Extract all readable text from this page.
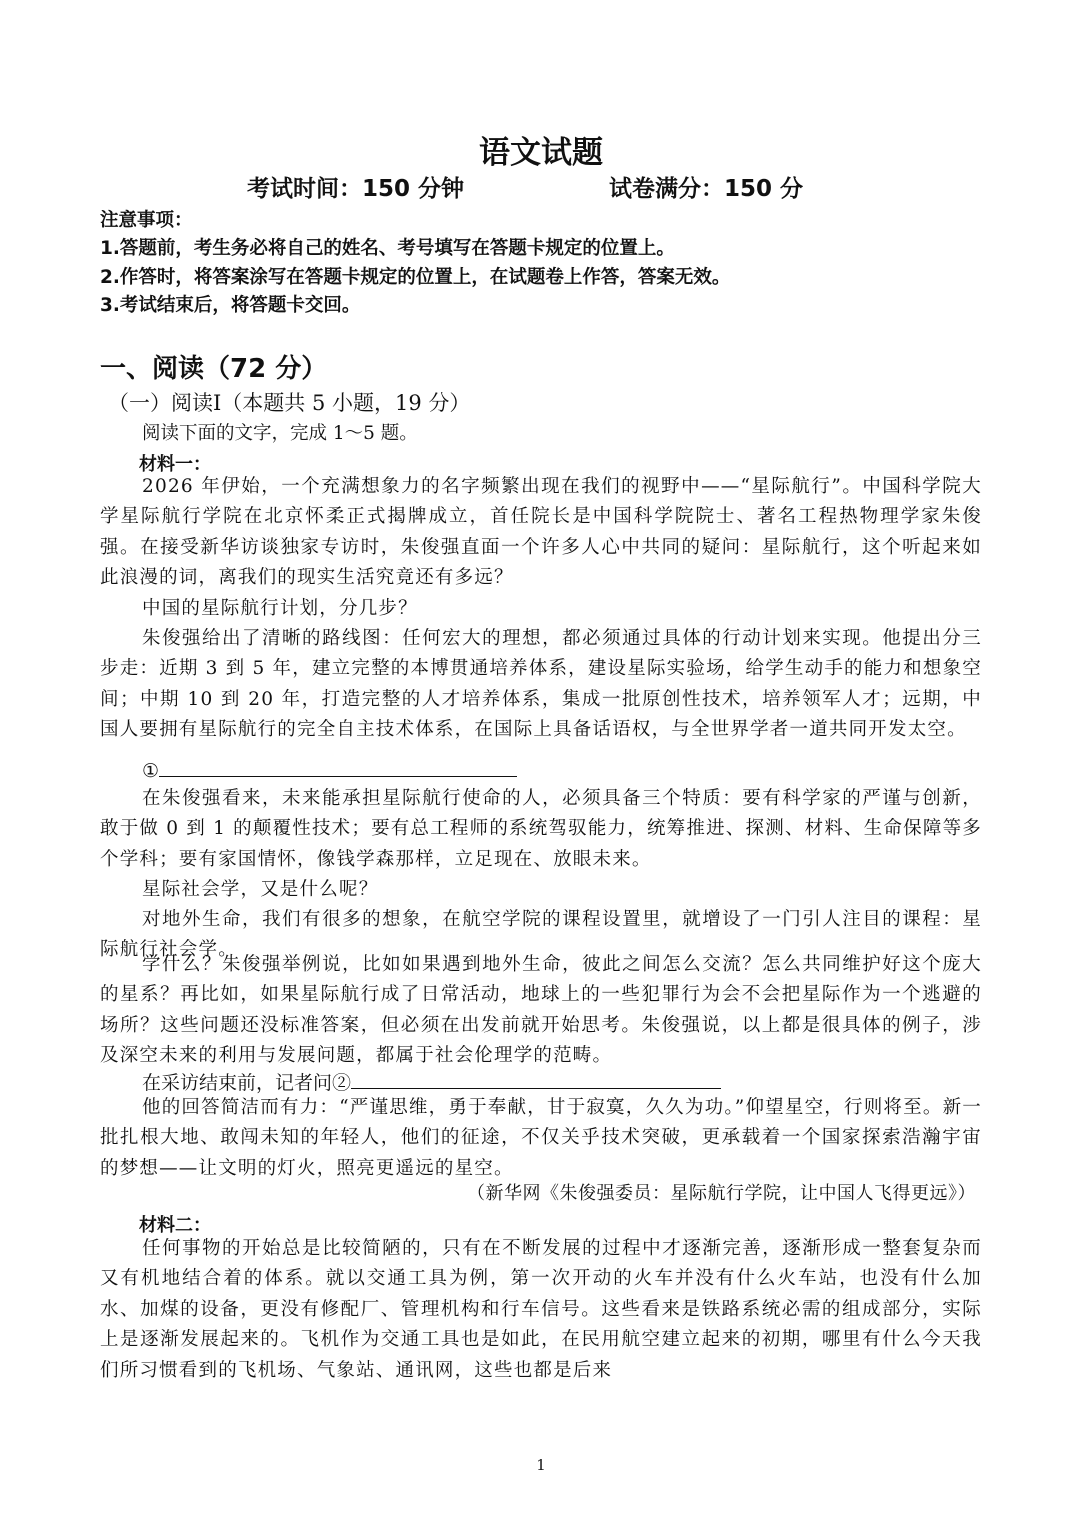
语文试题
考试时间：150 分钟	试卷满分：150 分
注意事项：
1.答题前，考生务必将自己的姓名、考号填写在答题卡规定的位置上。
2.作答时，将答案涂写在答题卡规定的位置上，在试题卷上作答，答案无效。
3.考试结束后，将答题卡交回。
一、阅读（72 分）
（一）阅读Ⅰ（本题共 5 小题，19 分）
阅读下面的文字，完成 1～5 题。
材料一：

2026 年伊始，一个充满想象力的名字频繁出现在我们的视野中——“星际航行”。中国科学院大学星际航行学院在北京怀柔正式揭牌成立，首任院长是中国科学院院士、著名工程热物理学家朱俊强。在接受新华访谈独家专访时，朱俊强直面一个许多人心中共同的疑问：星际航行，这个听起来如此浪漫的词，离我们的现实生活究竟还有多远？

中国的星际航行计划，分几步？

朱俊强给出了清晰的路线图：任何宏大的理想，都必须通过具体的行动计划来实现。他提出分三步走：近期 3 到 5 年，建立完整的本博贯通培养体系，建设星际实验场，给学生动手的能力和想象空间；中期 10 到 20 年，打造完整的人才培养体系，集成一批原创性技术，培养领军人才；远期，中国人要拥有星际航行的完全自主技术体系，在国际上具备话语权，与全世界学者一道共同开发太空。

①

在朱俊强看来，未来能承担星际航行使命的人，必须具备三个特质：要有科学家的严谨与创新，敢于做 0 到 1 的颠覆性技术；要有总工程师的系统驾驭能力，统筹推进、探测、材料、生命保障等多个学科；要有家国情怀，像钱学森那样，立足现在、放眼未来。

星际社会学，又是什么呢？

对地外生命，我们有很多的想象，在航空学院的课程设置里，就增设了一门引人注目的课程：星际航行社会学。

学什么？朱俊强举例说，比如如果遇到地外生命，彼此之间怎么交流？怎么共同维护好这个庞大的星系？再比如，如果星际航行成了日常活动，地球上的一些犯罪行为会不会把星际作为一个逃避的场所？这些问题还没标准答案，但必须在出发前就开始思考。朱俊强说，以上都是很具体的例子，涉及深空未来的利用与发展问题，都属于社会伦理学的范畴。

在采访结束前，记者问②

他的回答简洁而有力：“严谨思维，勇于奉献，甘于寂寞，久久为功。”仰望星空，行则将至。新一批扎根大地、敢闯未知的年轻人，他们的征途，不仅关乎技术突破，更承载着一个国家探索浩瀚宇宙的梦想——让文明的灯火，照亮更遥远的星空。

（新华网《朱俊强委员：星际航行学院，让中国人飞得更远》）
材料二：

任何事物的开始总是比较简陋的，只有在不断发展的过程中才逐渐完善，逐渐形成一整套复杂而又有机地结合着的体系。就以交通工具为例，第一次开动的火车并没有什么火车站，也没有什么加水、加煤的设备，更没有修配厂、管理机构和行车信号。这些看来是铁路系统必需的组成部分，实际上是逐渐发展起来的。飞机作为交通工具也是如此，在民用航空建立起来的初期，哪里有什么今天我们所习惯看到的飞机场、气象站、通讯网，这些也都是后来

1
